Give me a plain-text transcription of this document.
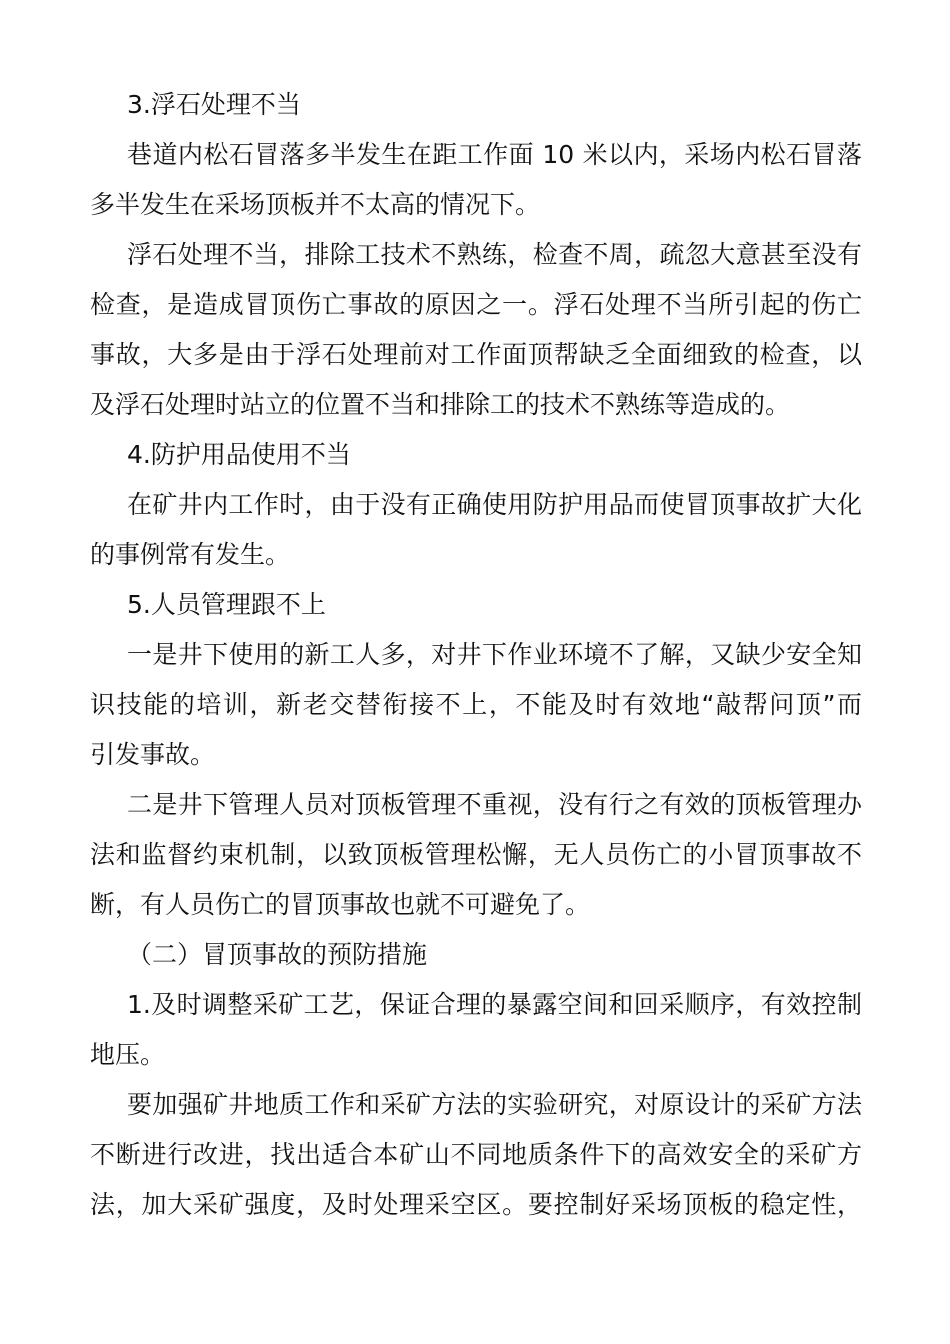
3.浮石处理不当
巷道内松石冒落多半发生在距工作面 10 米以内，采场内松石冒落
多半发生在采场顶板并不太高的情况下。
浮石处理不当，排除工技术不熟练，检查不周，疏忽大意甚至没有
检查，是造成冒顶伤亡事故的原因之一。浮石处理不当所引起的伤亡
事故，大多是由于浮石处理前对工作面顶帮缺乏全面细致的检查，以
及浮石处理时站立的位置不当和排除工的技术不熟练等造成的。
4.防护用品使用不当
在矿井内工作时，由于没有正确使用防护用品而使冒顶事故扩大化
的事例常有发生。
5.人员管理跟不上
一是井下使用的新工人多，对井下作业环境不了解，又缺少安全知
识技能的培训，新老交替衔接不上，不能及时有效地“敲帮问顶”而
引发事故。
二是井下管理人员对顶板管理不重视，没有行之有效的顶板管理办
法和监督约束机制，以致顶板管理松懈，无人员伤亡的小冒顶事故不
断，有人员伤亡的冒顶事故也就不可避免了。
（二）冒顶事故的预防措施
1.及时调整采矿工艺，保证合理的暴露空间和回采顺序，有效控制
地压。
要加强矿井地质工作和采矿方法的实验研究，对原设计的采矿方法
不断进行改进，找出适合本矿山不同地质条件下的高效安全的采矿方
法，加大采矿强度，及时处理采空区。要控制好采场顶板的稳定性，
